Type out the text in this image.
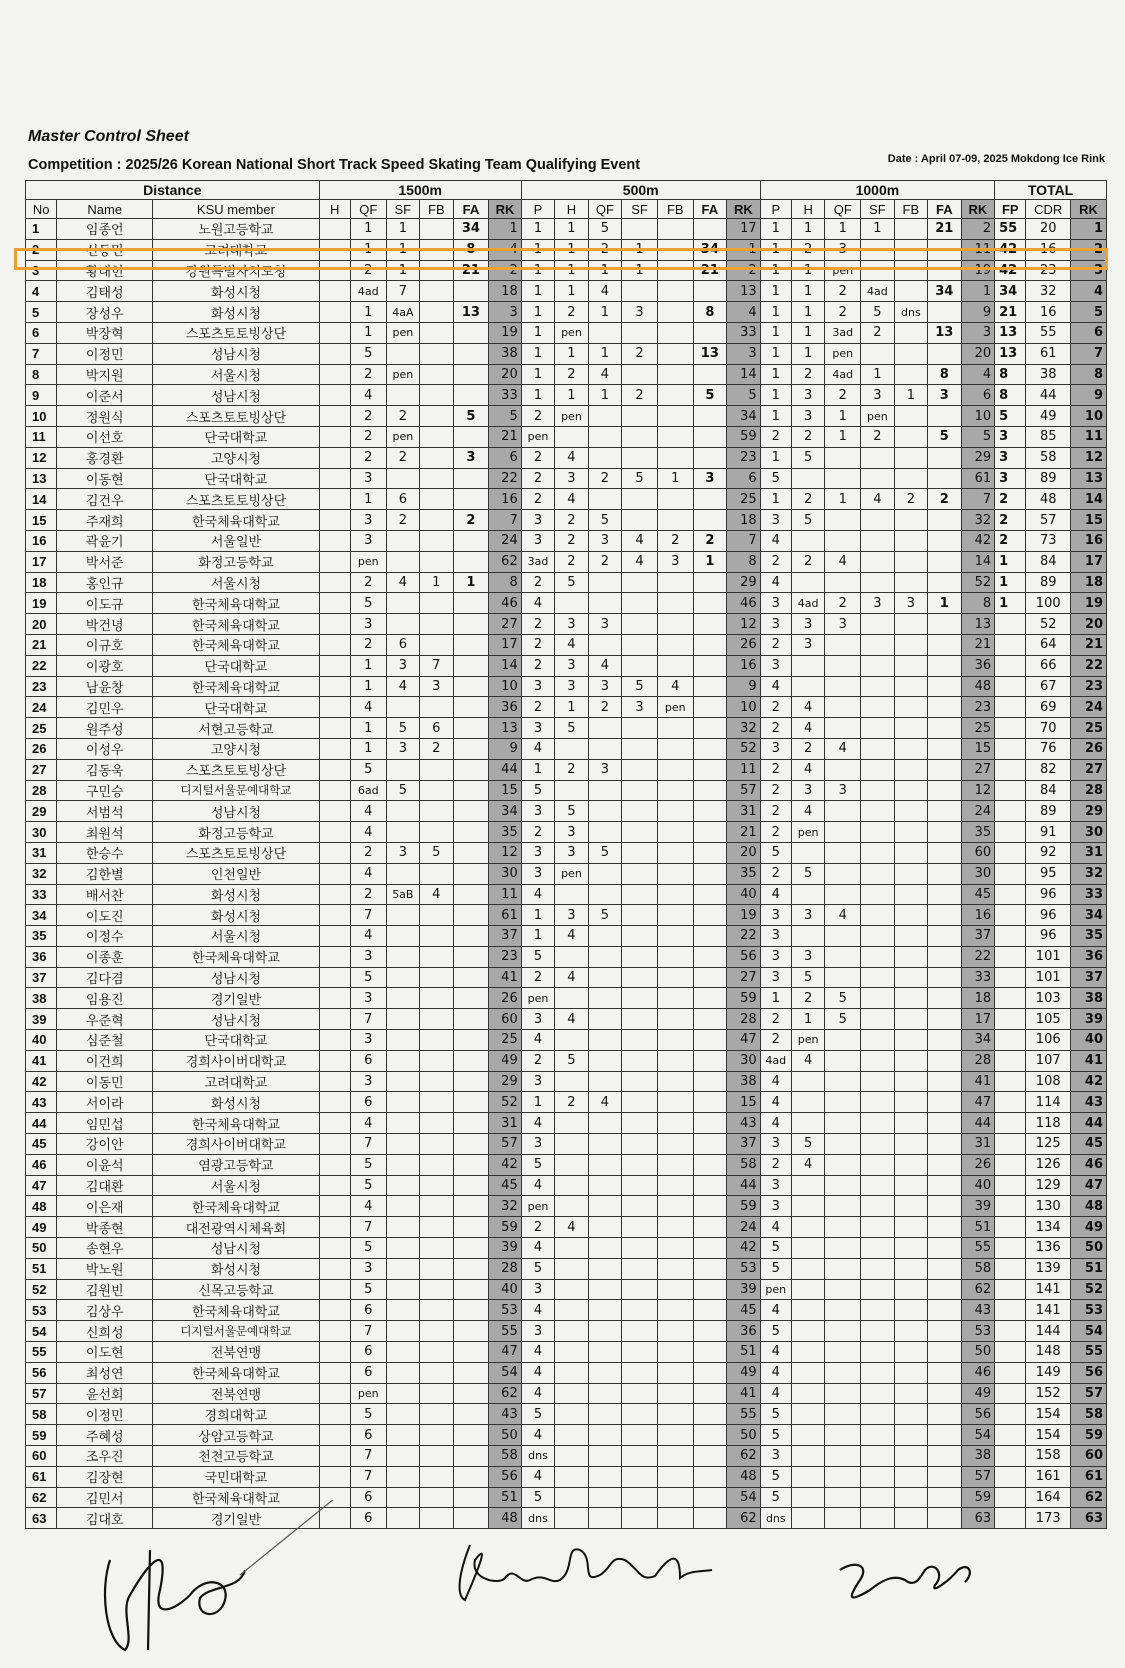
Master Control Sheet
Competition : 2025/26 Korean National Short Track Speed Skating Team Qualifying Event	Date : April 07-09, 2025 Mokdong Ice Rink
Distance			1500m						500m							1000m							TOTAL		
No	Name	KSU member	H	QF	SF	FB	FA	RK	P	H	QF	SF	FB	FA	RK	P	H	QF	SF	FB	FA	RK	FP	CDR	RK
1	임종언	노원고등학교		1	1		34	1	1	1	5				17	1	1	1	1		21	2	55	20	1
2	신동민	고려대학교		1	1		8	4	1	1	2	1		34	1	1	2	3				11	42	16	2
3	황대헌	강원특별자치도청		2	1		21	2	1	1	1	1		21	2	1	1	pen				19	42	23	3
4	김태성	화성시청		4ad	7			18	1	1	4				13	1	1	2	4ad		34	1	34	32	4
5	장성우	화성시청		1	4aA		13	3	1	2	1	3		8	4	1	1	2	5	dns		9	21	16	5
6	박장혁	스포츠토토빙상단		1	pen			19	1	pen					33	1	1	3ad	2		13	3	13	55	6
7	이정민	성남시청		5				38	1	1	1	2		13	3	1	1	pen				20	13	61	7
8	박지원	서울시청		2	pen			20	1	2	4				14	1	2	4ad	1		8	4	8	38	8
9	이준서	성남시청		4				33	1	1	1	2		5	5	1	3	2	3	1	3	6	8	44	9
10	정원식	스포츠토토빙상단		2	2		5	5	2	pen					34	1	3	1	pen			10	5	49	10
11	이선호	단국대학교		2	pen			21	pen						59	2	2	1	2		5	5	3	85	11
12	홍경환	고양시청		2	2		3	6	2	4					23	1	5					29	3	58	12
13	이동현	단국대학교		3				22	2	3	2	5	1	3	6	5						61	3	89	13
14	김건우	스포츠토토빙상단		1	6			16	2	4					25	1	2	1	4	2	2	7	2	48	14
15	주재희	한국체육대학교		3	2		2	7	3	2	5				18	3	5					32	2	57	15
16	곽윤기	서울일반		3				24	3	2	3	4	2	2	7	4						42	2	73	16
17	박서준	화정고등학교		pen				62	3ad	2	2	4	3	1	8	2	2	4				14	1	84	17
18	홍인규	서울시청		2	4	1	1	8	2	5					29	4						52	1	89	18
19	이도규	한국체육대학교		5				46	4						46	3	4ad	2	3	3	1	8	1	100	19
20	박건녕	한국체육대학교		3				27	2	3	3				12	3	3	3				13		52	20
21	이규호	한국체육대학교		2	6			17	2	4					26	2	3					21		64	21
22	이광호	단국대학교		1	3	7		14	2	3	4				16	3						36		66	22
23	남윤창	한국체육대학교		1	4	3		10	3	3	3	5	4		9	4						48		67	23
24	김민우	단국대학교		4				36	2	1	2	3	pen		10	2	4					23		69	24
25	원주성	서현고등학교		1	5	6		13	3	5					32	2	4					25		70	25
26	이성우	고양시청		1	3	2		9	4						52	3	2	4				15		76	26
27	김동욱	스포츠토토빙상단		5				44	1	2	3				11	2	4					27		82	27
28	구민승	디지털서울문예대학교		6ad	5			15	5						57	2	3	3				12		84	28
29	서범석	성남시청		4				34	3	5					31	2	4					24		89	29
30	최원석	화정고등학교		4				35	2	3					21	2	pen					35		91	30
31	한승수	스포츠토토빙상단		2	3	5		12	3	3	5				20	5						60		92	31
32	김한별	인천일반		4				30	3	pen					35	2	5					30		95	32
33	배서찬	화성시청		2	5aB	4		11	4						40	4						45		96	33
34	이도진	화성시청		7				61	1	3	5				19	3	3	4				16		96	34
35	이정수	서울시청		4				37	1	4					22	3						37		96	35
36	이종훈	한국체육대학교		3				23	5						56	3	3					22		101	36
37	김다겸	성남시청		5				41	2	4					27	3	5					33		101	37
38	임용진	경기일반		3				26	pen						59	1	2	5				18		103	38
39	우준혁	성남시청		7				60	3	4					28	2	1	5				17		105	39
40	심준철	단국대학교		3				25	4						47	2	pen					34		106	40
41	이건희	경희사이버대학교		6				49	2	5					30	4ad	4					28		107	41
42	이동민	고려대학교		3				29	3						38	4						41		108	42
43	서이라	화성시청		6				52	1	2	4				15	4						47		114	43
44	임민섭	한국체육대학교		4				31	4						43	4						44		118	44
45	강이안	경희사이버대학교		7				57	3						37	3	5					31		125	45
46	이윤석	염광고등학교		5				42	5						58	2	4					26		126	46
47	김대환	서울시청		5				45	4						44	3						40		129	47
48	이은재	한국체육대학교		4				32	pen						59	3						39		130	48
49	박종현	대전광역시체육회		7				59	2	4					24	4						51		134	49
50	송현우	성남시청		5				39	4						42	5						55		136	50
51	박노원	화성시청		3				28	5						53	5						58		139	51
52	김원빈	신목고등학교		5				40	3						39	pen						62		141	52
53	김상우	한국체육대학교		6				53	4						45	4						43		141	53
54	신희성	디지털서울문예대학교		7				55	3						36	5						53		144	54
55	이도현	전북연맹		6				47	4						51	4						50		148	55
56	최성연	한국체육대학교		6				54	4						49	4						46		149	56
57	윤선회	전북연맹		pen				62	4						41	4						49		152	57
58	이정민	경희대학교		5				43	5						55	5						56		154	58
59	주혜성	상암고등학교		6				50	4						50	5						54		154	59
60	조우진	천천고등학교		7				58	dns						62	3						38		158	60
61	김장현	국민대학교		7				56	4						48	5						57		161	61
62	김민서	한국체육대학교		6				51	5						54	5						59		164	62
63	김대호	경기일반		6				48	dns						62	dns						63		173	63
